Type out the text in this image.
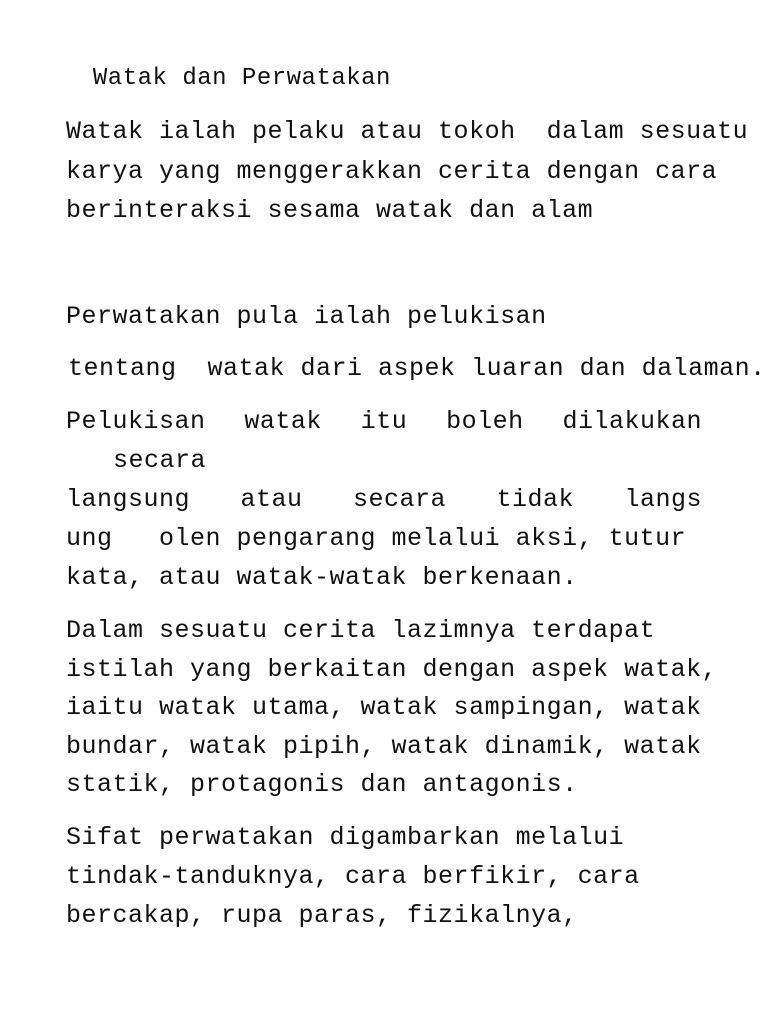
Watak dan Perwatakan
Watak ialah pelaku atau tokoh  dalam sesuatu
karya yang menggerakkan cerita dengan cara
berinteraksi sesama watak dan alam
Perwatakan pula ialah pelukisan
tentang  watak dari aspek luaran dan dalaman.
Pelukisan watak itu boleh dilakukan
secara
langsung atau secara tidak langs
ung   olen pengarang melalui aksi, tutur
kata, atau watak-watak berkenaan.
Dalam sesuatu cerita lazimnya terdapat
istilah yang berkaitan dengan aspek watak,
iaitu watak utama, watak sampingan, watak
bundar, watak pipih, watak dinamik, watak
statik, protagonis dan antagonis.
Sifat perwatakan digambarkan melalui
tindak-tanduknya, cara berfikir, cara
bercakap, rupa paras, fizikalnya,
